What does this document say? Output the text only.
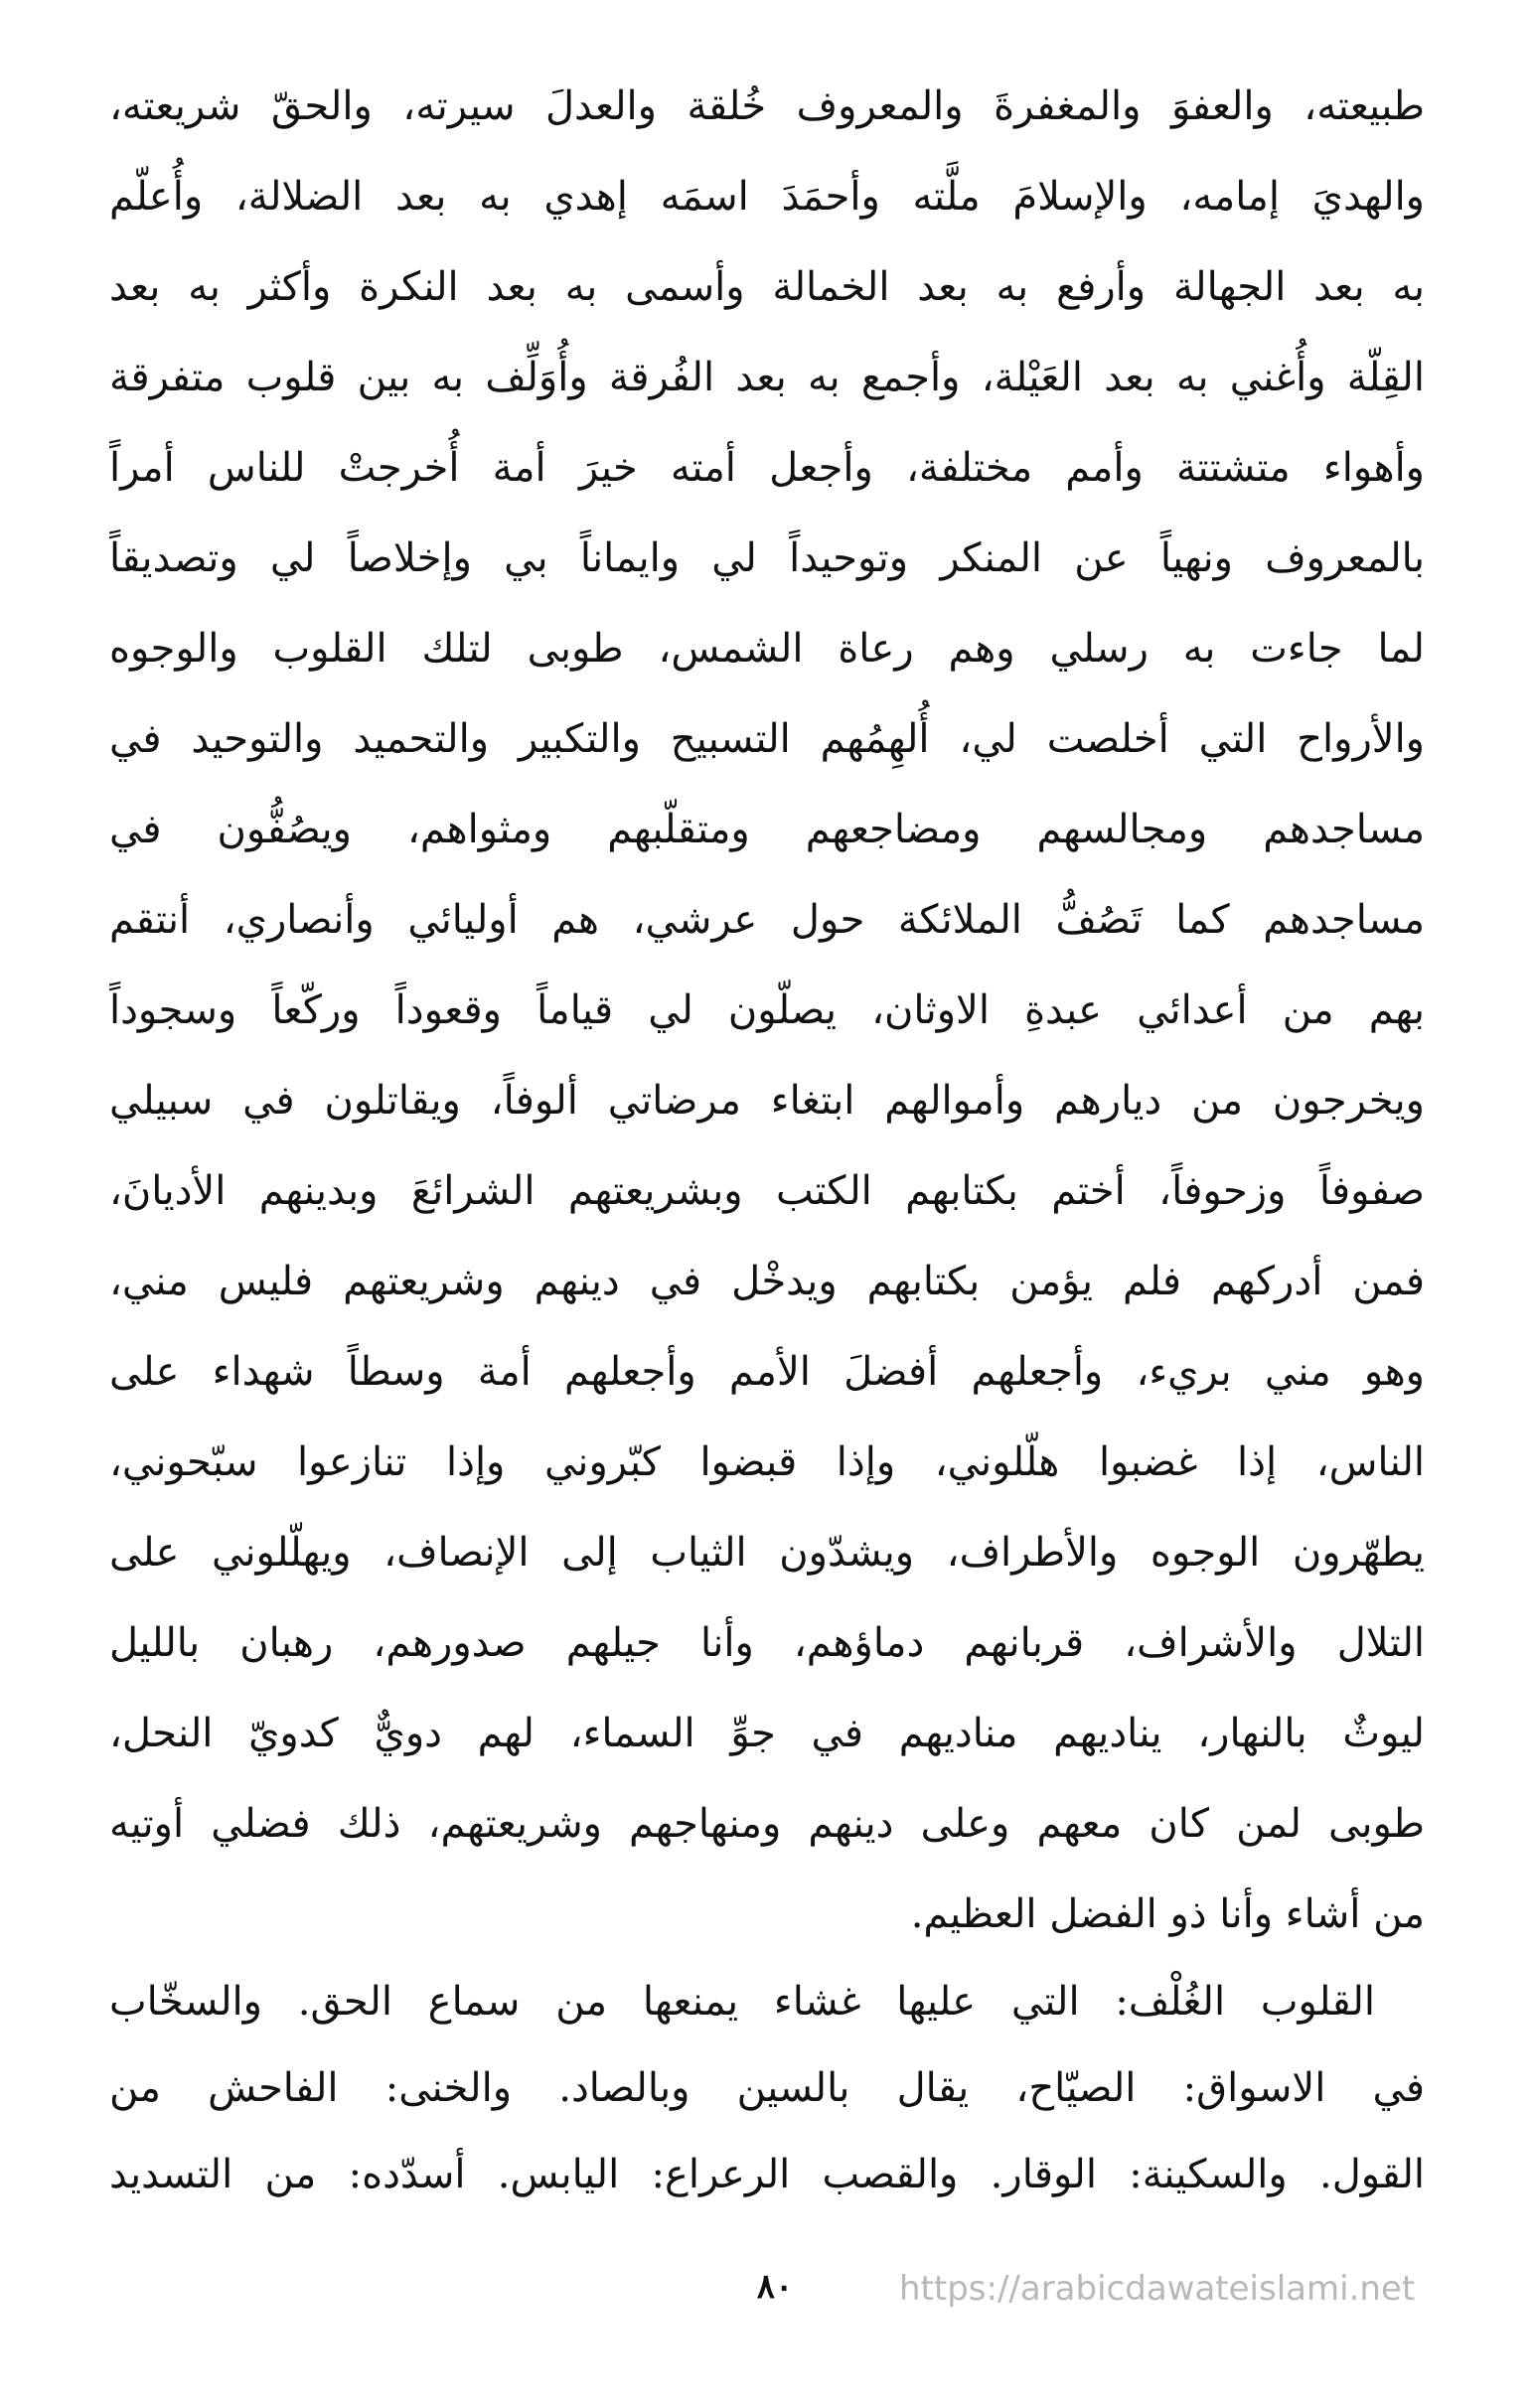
طبيعته، والعفوَ والمغفرةَ والمعروف خُلقة والعدلَ سيرته، والحقّ شريعته،
والهديَ إمامه، والإسلامَ ملَّته وأحمَدَ اسمَه إهدي به بعد الضلالة، وأُعلّم
به بعد الجهالة وأرفع به بعد الخمالة وأسمى به بعد النكرة وأكثر به بعد
القِلّة وأُغني به بعد العَيْلة، وأجمع به بعد الفُرقة وأُوَلِّف به بين قلوب متفرقة
وأهواء متشتتة وأمم مختلفة، وأجعل أمته خيرَ أمة أُخرجتْ للناس أمراً
بالمعروف ونهياً عن المنكر وتوحيداً لي وايماناً بي وإخلاصاً لي وتصديقاً
لما جاءت به رسلي وهم رعاة الشمس، طوبى لتلك القلوب والوجوه
والأرواح التي أخلصت لي، أُلهِمُهم التسبيح والتكبير والتحميد والتوحيد في
مساجدهم ومجالسهم ومضاجعهم ومتقلّبهم ومثواهم، ويصُفُّون في
مساجدهم كما تَصُفُّ الملائكة حول عرشي، هم أوليائي وأنصاري، أنتقم
بهم من أعدائي عبدةِ الاوثان، يصلّون لي قياماً وقعوداً وركّعاً وسجوداً
ويخرجون من ديارهم وأموالهم ابتغاء مرضاتي ألوفاً، ويقاتلون في سبيلي
صفوفاً وزحوفاً، أختم بكتابهم الكتب وبشريعتهم الشرائعَ وبدينهم الأديانَ،
فمن أدركهم فلم يؤمن بكتابهم ويدخْل في دينهم وشريعتهم فليس مني،
وهو مني بريء، وأجعلهم أفضلَ الأمم وأجعلهم أمة وسطاً شهداء على
الناس، إذا غضبوا هلّلوني، وإذا قبضوا كبّروني وإذا تنازعوا سبّحوني،
يطهّرون الوجوه والأطراف، ويشدّون الثياب إلى الإنصاف، ويهلّلوني على
التلال والأشراف، قربانهم دماؤهم، وأنا جيلهم صدورهم، رهبان بالليل
ليوثٌ بالنهار، يناديهم مناديهم في جوِّ السماء، لهم دويٌّ كدويّ النحل،
طوبى لمن كان معهم وعلى دينهم ومنهاجهم وشريعتهم، ذلك فضلي أوتيه
من أشاء وأنا ذو الفضل العظيم.
القلوب الغُلْف: التي عليها غشاء يمنعها من سماع الحق. والسخّاب
في الاسواق: الصيّاح، يقال بالسين وبالصاد. والخنى: الفاحش من
القول. والسكينة: الوقار. والقصب الرعراع: اليابس. أسدّده: من التسديد
٨٠	https://arabicdawateislami.net
